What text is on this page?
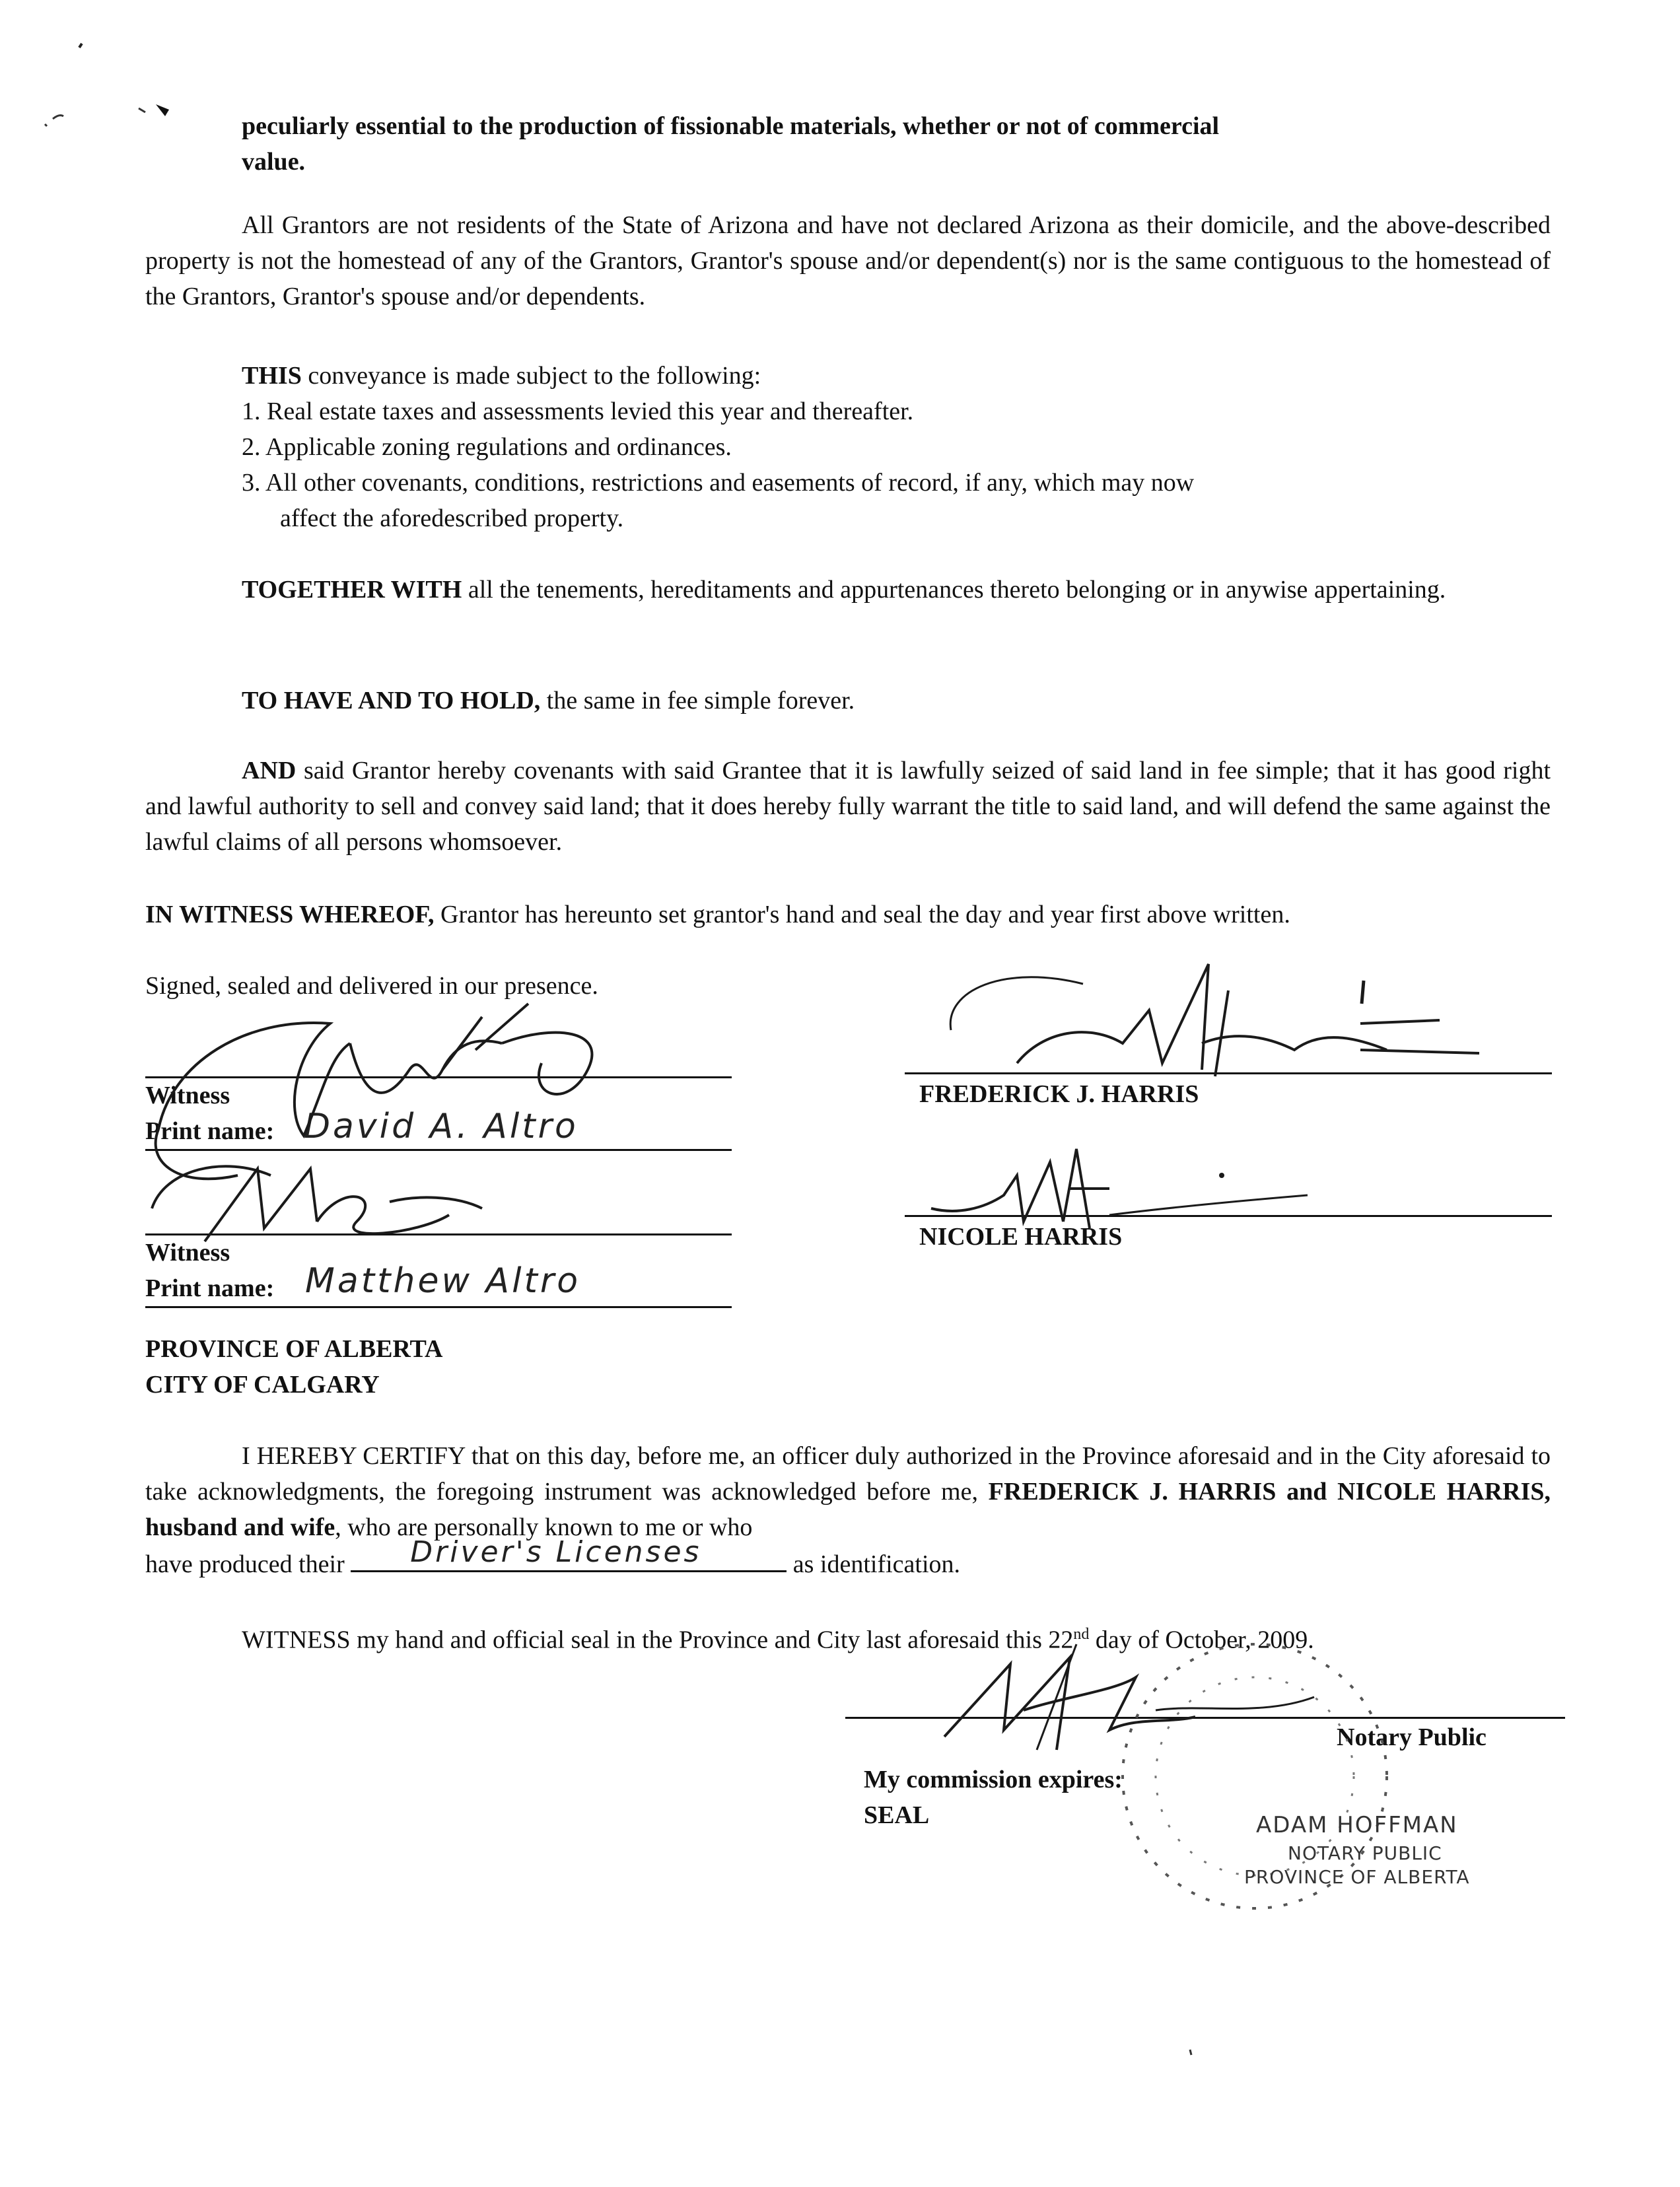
peculiarly essential to the production of fissionable materials, whether or not of commercial
value.
All Grantors are not residents of the State of Arizona and have not declared Arizona as their domicile, and the above-described property is not the homestead of any of the Grantors, Grantor's spouse and/or dependent(s) nor is the same contiguous to the homestead of the Grantors, Grantor's spouse and/or dependents.
THIS conveyance is made subject to the following:
1. Real estate taxes and assessments levied this year and thereafter.
2. Applicable zoning regulations and ordinances.
3. All other covenants, conditions, restrictions and easements of record, if any, which may now
affect the aforedescribed property.
TOGETHER WITH all the tenements, hereditaments and appurtenances thereto belonging or in anywise appertaining.
TO HAVE AND TO HOLD, the same in fee simple forever.
AND said Grantor hereby covenants with said Grantee that it is lawfully seized of said land in fee simple; that it has good right and lawful authority to sell and convey said land; that it does hereby fully warrant the title to said land, and will defend the same against the lawful claims of all persons whomsoever.
IN WITNESS WHEREOF, Grantor has hereunto set grantor's hand and seal the day and year first above written.
Signed, sealed and delivered in our presence.
Witness
Print name: David A. Altro
Witness
Print name: Matthew Altro
FREDERICK J. HARRIS
NICOLE HARRIS
PROVINCE OF ALBERTA
CITY OF CALGARY
I HEREBY CERTIFY that on this day, before me, an officer duly authorized in the Province aforesaid and in the City aforesaid to take acknowledgments, the foregoing instrument was acknowledged before me, FREDERICK J. HARRIS and NICOLE HARRIS, husband and wife, who are personally known to me or who
have produced their Driver's Licenses	as identification.
WITNESS my hand and official seal in the Province and City last aforesaid this 22nd day of October, 2009.
Notary Public
My commission expires:
SEAL	ADAM HOFFMAN
NOTARY PUBLIC
PROVINCE OF ALBERTA
